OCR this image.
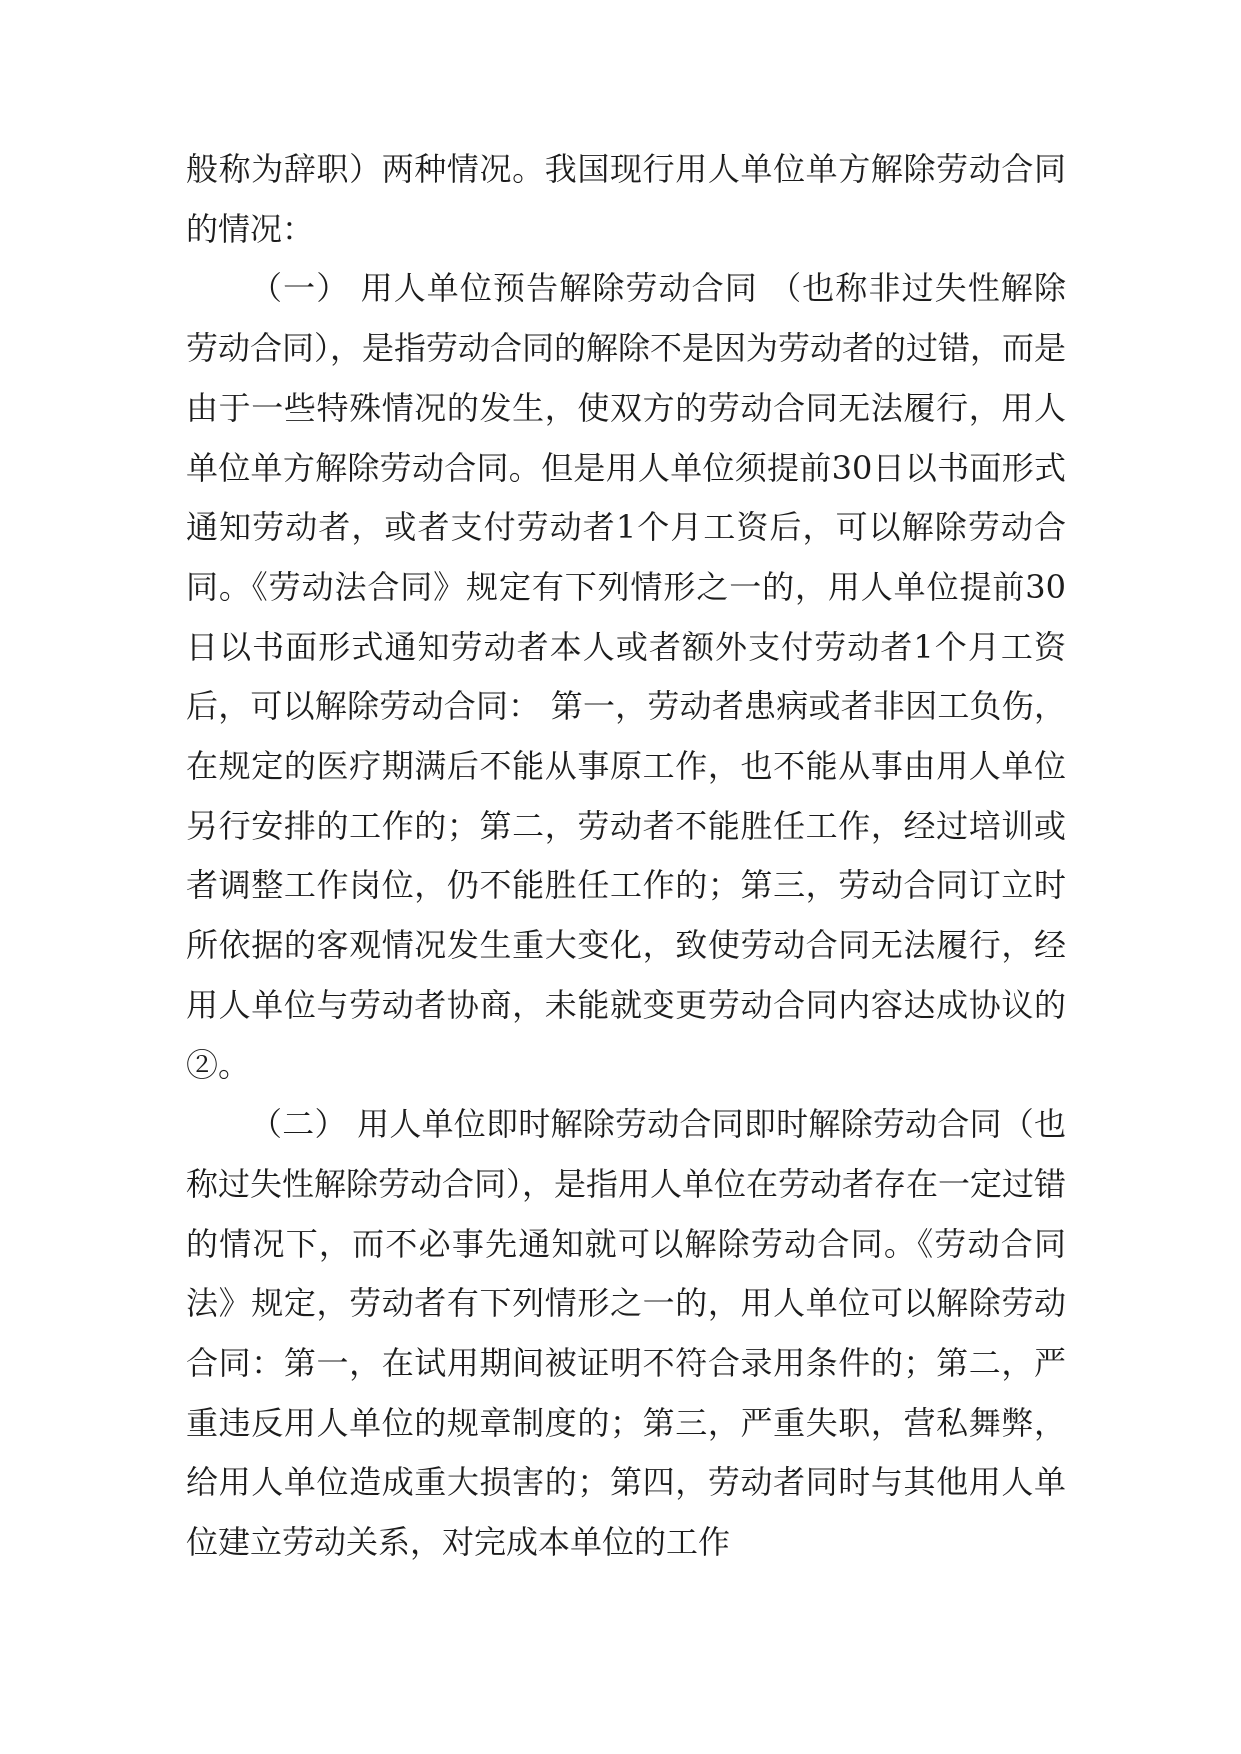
般称为辞职）两种情况。我国现行用人单位单方解除劳动合同的情况：

（一） 用人单位预告解除劳动合同 （也称非过失性解除劳动合同），是指劳动合同的解除不是因为劳动者的过错，而是由于一些特殊情况的发生，使双方的劳动合同无法履行，用人单位单方解除劳动合同。但是用人单位须提前30日以书面形式通知劳动者，或者支付劳动者1个月工资后，可以解除劳动合同。《劳动法合同》规定有下列情形之一的，用人单位提前30日以书面形式通知劳动者本人或者额外支付劳动者1个月工资后，可以解除劳动合同： 第一，劳动者患病或者非因工负伤，在规定的医疗期满后不能从事原工作，也不能从事由用人单位另行安排的工作的；第二，劳动者不能胜任工作，经过培训或者调整工作岗位，仍不能胜任工作的；第三，劳动合同订立时所依据的客观情况发生重大变化，致使劳动合同无法履行，经用人单位与劳动者协商，未能就变更劳动合同内容达成协议的②。

（二） 用人单位即时解除劳动合同即时解除劳动合同（也称过失性解除劳动合同），是指用人单位在劳动者存在一定过错的情况下，而不必事先通知就可以解除劳动合同。《劳动合同法》规定，劳动者有下列情形之一的，用人单位可以解除劳动合同：第一，在试用期间被证明不符合录用条件的；第二，严重违反用人单位的规章制度的；第三，严重失职，营私舞弊，给用人单位造成重大损害的；第四，劳动者同时与其他用人单位建立劳动关系，对完成本单位的工作
